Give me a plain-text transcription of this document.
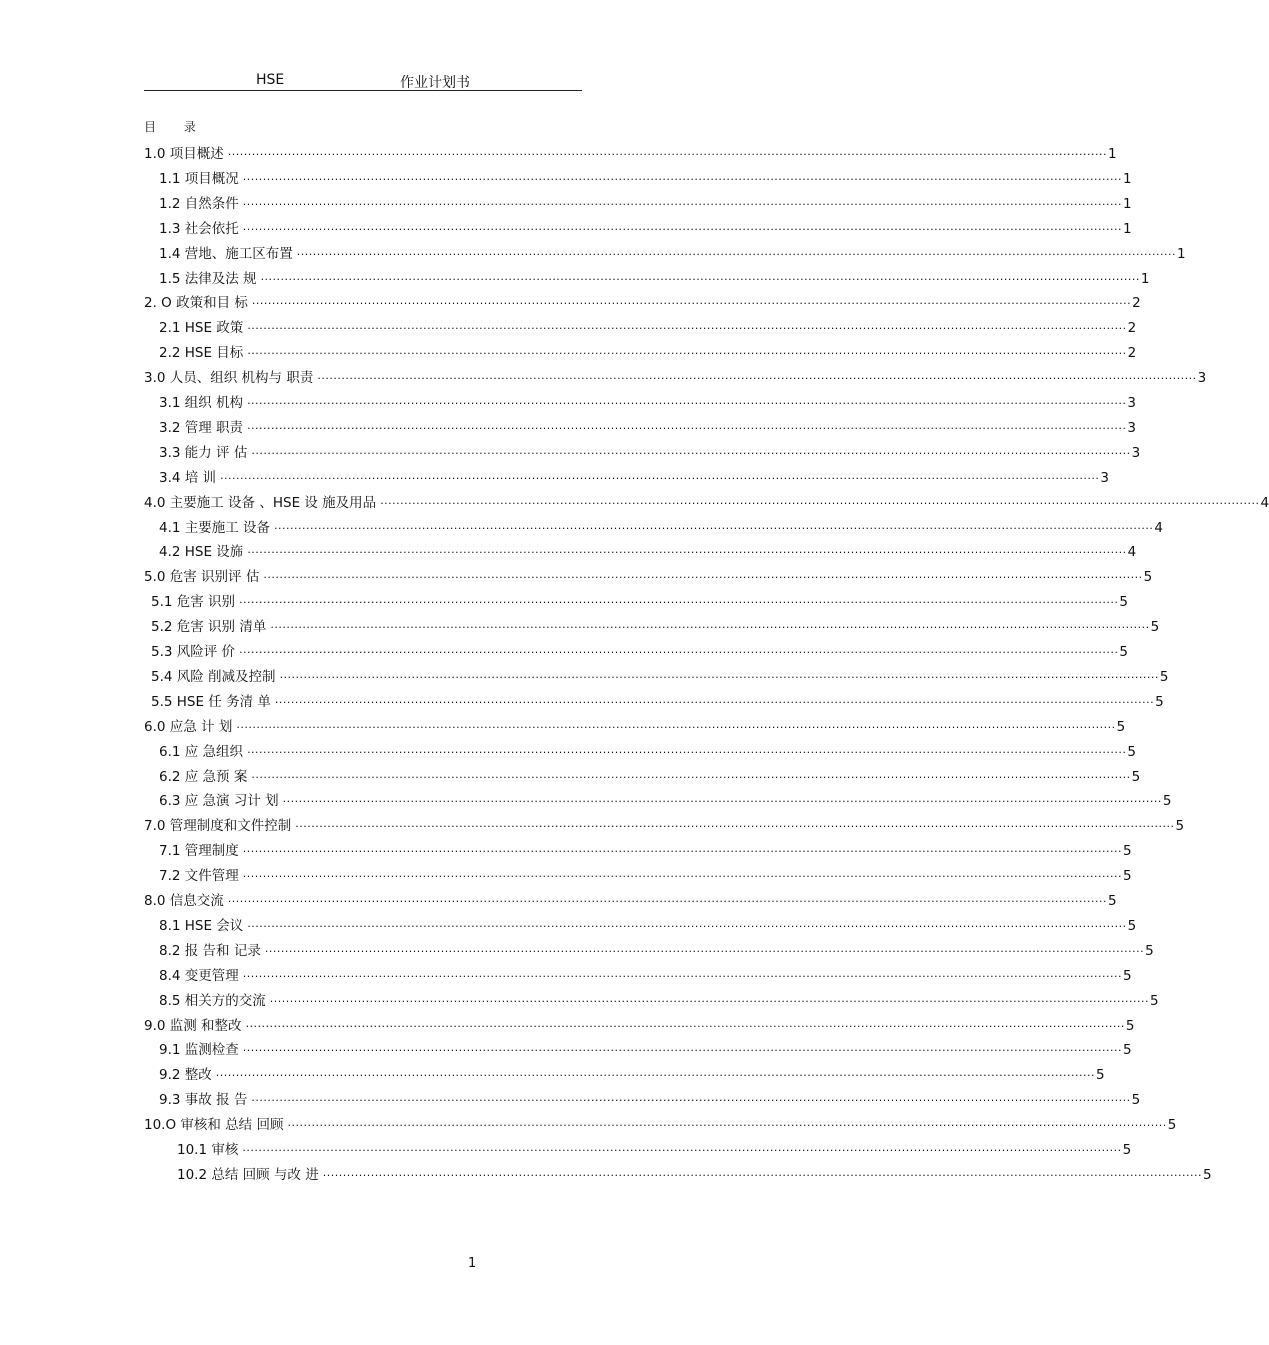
HSE	作业计划书
目 录
1.0 项目概述 ............................................................................................................................................................................................................................ 1
1.1 项目概况 ............................................................................................................................................................................................................................ 1
1.2 自然条件 ............................................................................................................................................................................................................................ 1
1.3 社会依托 ............................................................................................................................................................................................................................ 1
1.4 营地、施工区布置 ............................................................................................................................................................................................................................ 1
1.5 法律及法 规 ............................................................................................................................................................................................................................ 1
2. O 政策和目 标 ............................................................................................................................................................................................................................ 2
2.1 HSE 政策 ............................................................................................................................................................................................................................ 2
2.2 HSE 目标 ............................................................................................................................................................................................................................ 2
3.0 人员、组织 机构与 职责 ............................................................................................................................................................................................................................ 3
3.1 组织 机构 ............................................................................................................................................................................................................................ 3
3.2 管理 职责 ............................................................................................................................................................................................................................ 3
3.3 能力 评 估 ............................................................................................................................................................................................................................ 3
3.4 培 训 ............................................................................................................................................................................................................................ 3
4.0 主要施工 设备 、HSE 设 施及用品 ............................................................................................................................................................................................................................ 4
4.1 主要施工 设备 ............................................................................................................................................................................................................................ 4
4.2 HSE 设旆 ............................................................................................................................................................................................................................ 4
5.0 危害 识别评 估 ............................................................................................................................................................................................................................ 5
5.1 危害 识别 ............................................................................................................................................................................................................................ 5
5.2 危害 识别 清单 ............................................................................................................................................................................................................................ 5
5.3 风险评 价 ............................................................................................................................................................................................................................ 5
5.4 风险 削减及控制 ............................................................................................................................................................................................................................ 5
5.5 HSE 任 务清 单 ............................................................................................................................................................................................................................ 5
6.0 应急 计 划 ............................................................................................................................................................................................................................ 5
6.1 应 急组织 ............................................................................................................................................................................................................................ 5
6.2 应 急预 案 ............................................................................................................................................................................................................................ 5
6.3 应 急演 习计 划 ............................................................................................................................................................................................................................ 5
7.0 管理制度和文件控制 ............................................................................................................................................................................................................................ 5
7.1 管理制度 ............................................................................................................................................................................................................................ 5
7.2 文件管理 ............................................................................................................................................................................................................................ 5
8.0 信息交流 ............................................................................................................................................................................................................................ 5
8.1 HSE 会议 ............................................................................................................................................................................................................................ 5
8.2 报 告和 记录 ............................................................................................................................................................................................................................ 5
8.4 变更管理 ............................................................................................................................................................................................................................ 5
8.5 相关方的交流 ............................................................................................................................................................................................................................ 5
9.0 监测 和整改 ............................................................................................................................................................................................................................ 5
9.1 监测检查 ............................................................................................................................................................................................................................ 5
9.2 整改 ............................................................................................................................................................................................................................ 5
9.3 事故 报 告 ............................................................................................................................................................................................................................ 5
10.O 审核和 总结 回顾 ............................................................................................................................................................................................................................ 5
10.1 审核 ............................................................................................................................................................................................................................ 5
10.2 总结 回顾 与改 进 ............................................................................................................................................................................................................................ 5
1
